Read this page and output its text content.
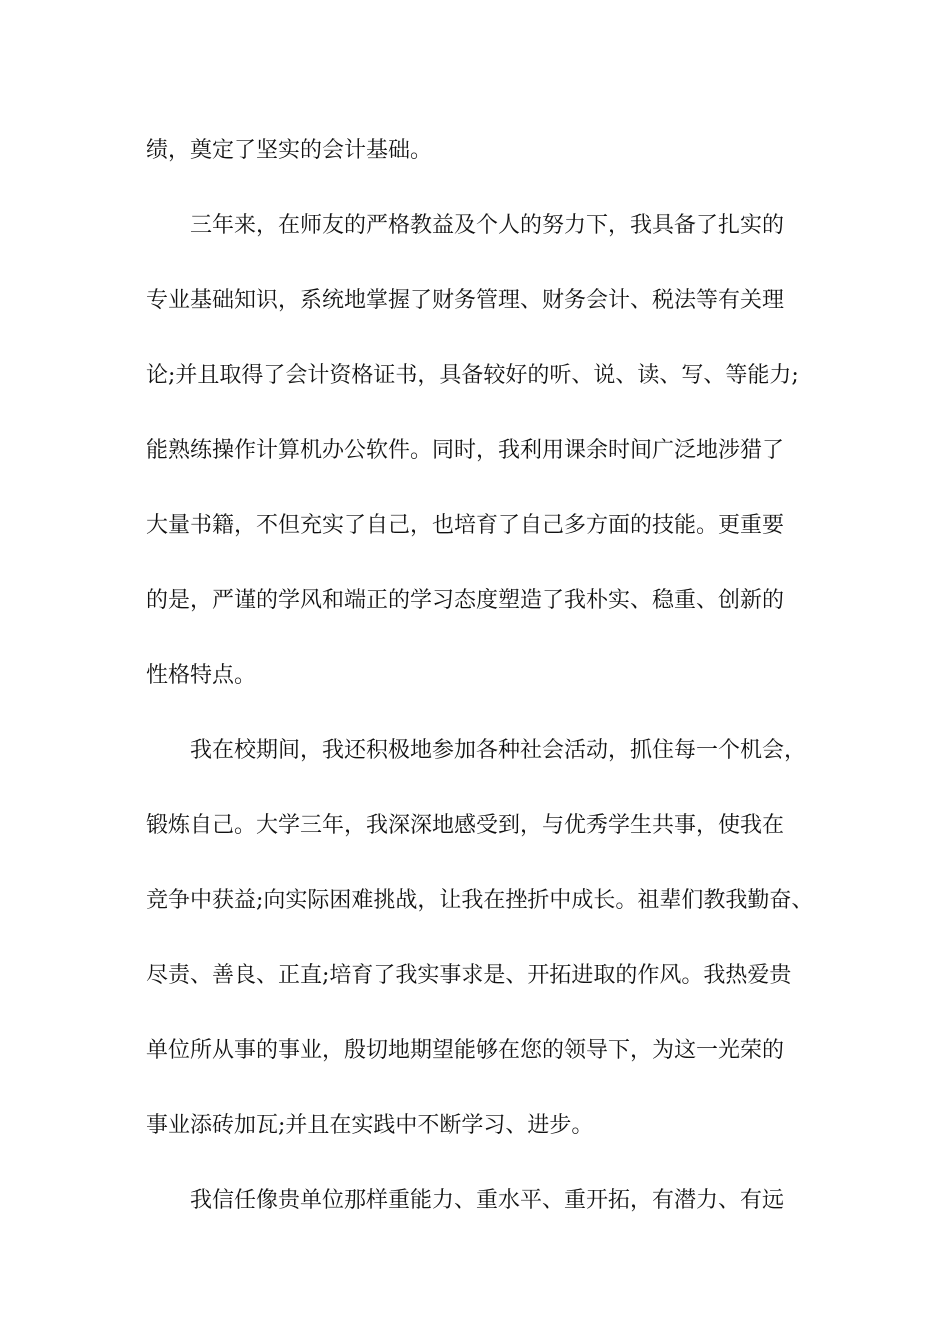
绩，奠定了坚实的会计基础。
三年来，在师友的严格教益及个人的努力下，我具备了扎实的
专业基础知识，系统地掌握了财务管理、财务会计、税法等有关理
论;并且取得了会计资格证书，具备较好的听、说、读、写、等能力;
能熟练操作计算机办公软件。同时，我利用课余时间广泛地涉猎了
大量书籍，不但充实了自己，也培育了自己多方面的技能。更重要
的是，严谨的学风和端正的学习态度塑造了我朴实、稳重、创新的
性格特点。
我在校期间，我还积极地参加各种社会活动，抓住每一个机会，
锻炼自己。大学三年，我深深地感受到，与优秀学生共事，使我在
竞争中获益;向实际困难挑战，让我在挫折中成长。祖辈们教我勤奋、
尽责、善良、正直;培育了我实事求是、开拓进取的作风。我热爱贵
单位所从事的事业，殷切地期望能够在您的领导下，为这一光荣的
事业添砖加瓦;并且在实践中不断学习、进步。
我信任像贵单位那样重能力、重水平、重开拓，有潜力、有远
